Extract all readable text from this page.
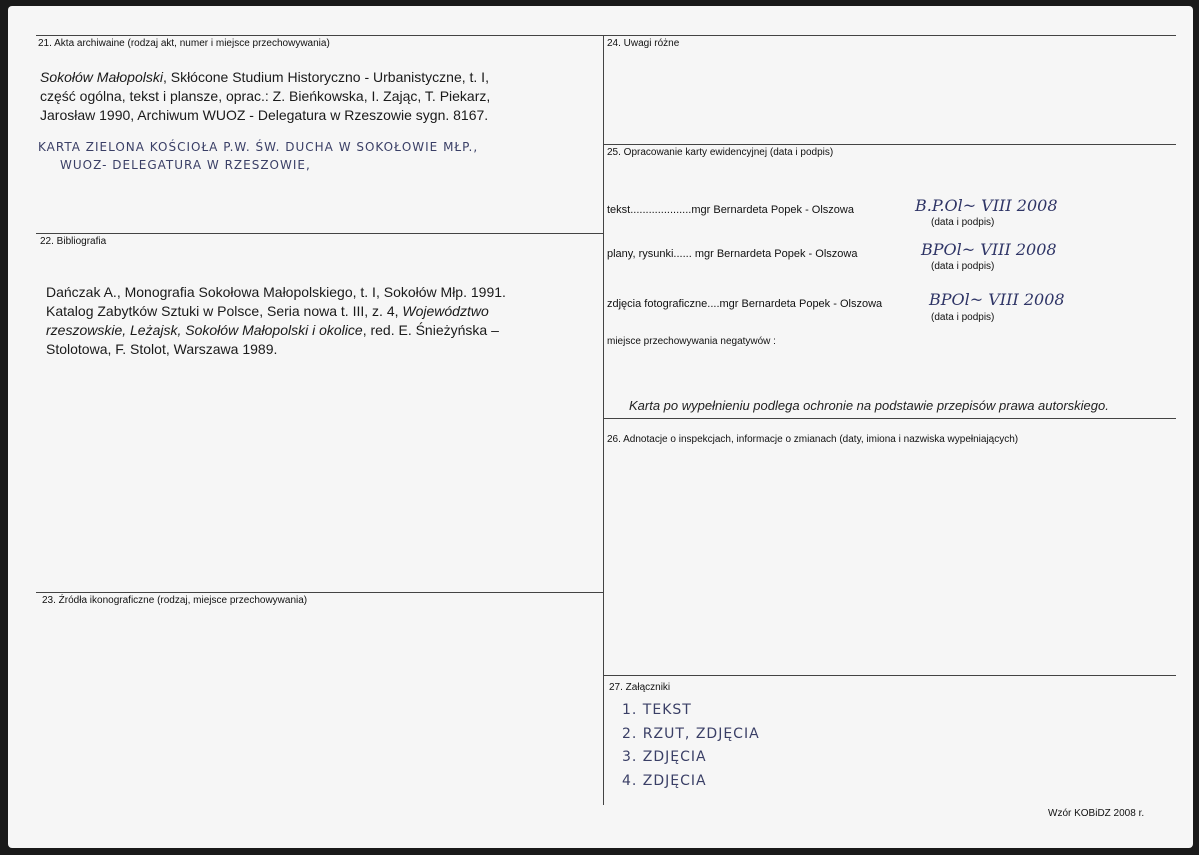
21. Akta archiwaine (rodzaj akt, numer i miejsce przechowywania)
Sokołów Małopolski, Skłócone Studium Historyczno - Urbanistyczne, t. I,
część ogólna, tekst i plansze, oprac.: Z. Bieńkowska, I. Zając, T. Piekarz,
Jarosław 1990, Archiwum WUOZ - Delegatura w Rzeszowie sygn. 8167.
KARTA ZIELONA KOŚCIOŁA P.W. ŚW. DUCHA W SOKOŁOWIE MŁP.,
WUOZ- DELEGATURA W RZESZOWIE,
22. Bibliografia
Dańczak A., Monografia Sokołowa Małopolskiego, t. I, Sokołów Młp. 1991.
Katalog Zabytków Sztuki w Polsce, Seria nowa t. III, z. 4, Województwo
rzeszowskie, Leżajsk, Sokołów Małopolski i okolice, red. E. Śnieżyńska –
Stolotowa, F. Stolot, Warszawa 1989.
23. Źródła ikonograficzne (rodzaj, miejsce przechowywania)
24. Uwagi różne
25. Opracowanie karty ewidencyjnej (data i podpis)
tekst....................mgr Bernardeta Popek - Olszowa	B.P.Ol~ VIII 2008
(data i podpis)
plany, rysunki...... mgr Bernardeta Popek - Olszowa	BPOl~ VIII 2008
(data i podpis)
zdjęcia fotograficzne....mgr Bernardeta Popek - Olszowa	BPOl~ VIII 2008
(data i podpis)
miejsce przechowywania negatywów :
Karta po wypełnieniu podlega ochronie na podstawie przepisów prawa autorskiego.
26. Adnotacje o inspekcjach, informacje o zmianach (daty, imiona i nazwiska wypełniających)
27. Załączniki
1. TEKST
2. RZUT, ZDJĘCIA
3. ZDJĘCIA
4. ZDJĘCIA
Wzór KOBiDZ 2008 r.
